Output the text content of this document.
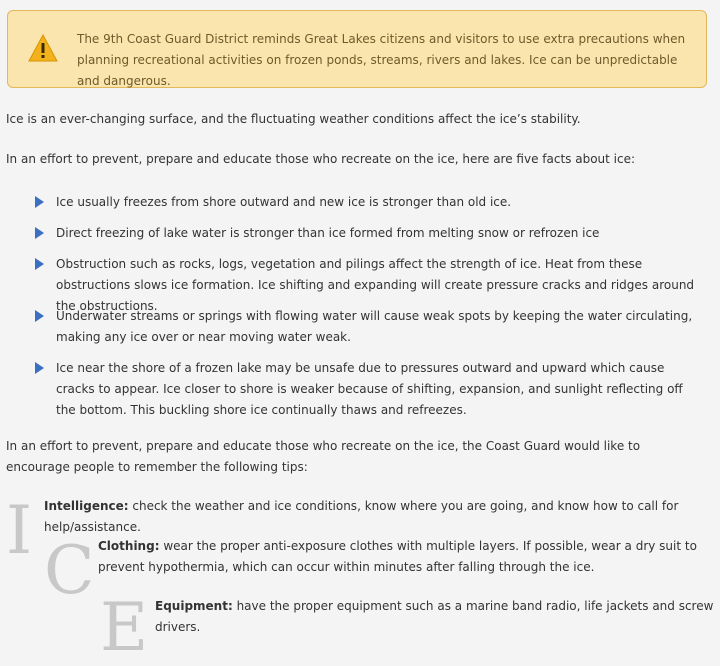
The 9th Coast Guard District reminds Great Lakes citizens and visitors to use extra precautions when planning recreational activities on frozen ponds, streams, rivers and lakes. Ice can be unpredictable and dangerous.

Ice is an ever-changing surface, and the fluctuating weather conditions affect the ice’s stability.

In an effort to prevent, prepare and educate those who recreate on the ice, here are five facts about ice:

Ice usually freezes from shore outward and new ice is stronger than old ice.
Direct freezing of lake water is stronger than ice formed from melting snow or refrozen ice
Obstruction such as rocks, logs, vegetation and pilings affect the strength of ice. Heat from these obstructions slows ice formation. Ice shifting and expanding will create pressure cracks and ridges around the obstructions.
Underwater streams or springs with flowing water will cause weak spots by keeping the water circulating, making any ice over or near moving water weak.
Ice near the shore of a frozen lake may be unsafe due to pressures outward and upward which cause cracks to appear. Ice closer to shore is weaker because of shifting, expansion, and sunlight reflecting off the bottom. This buckling shore ice continually thaws and refreezes.

In an effort to prevent, prepare and educate those who recreate on the ice, the Coast Guard would like to encourage people to remember the following tips:

I
C
E
Intelligence: check the weather and ice conditions, know where you are going, and know how to call for help/assistance.
Clothing: wear the proper anti-exposure clothes with multiple layers. If possible, wear a dry suit to prevent hypothermia, which can occur within minutes after falling through the ice.
Equipment: have the proper equipment such as a marine band radio, life jackets and screw drivers.
